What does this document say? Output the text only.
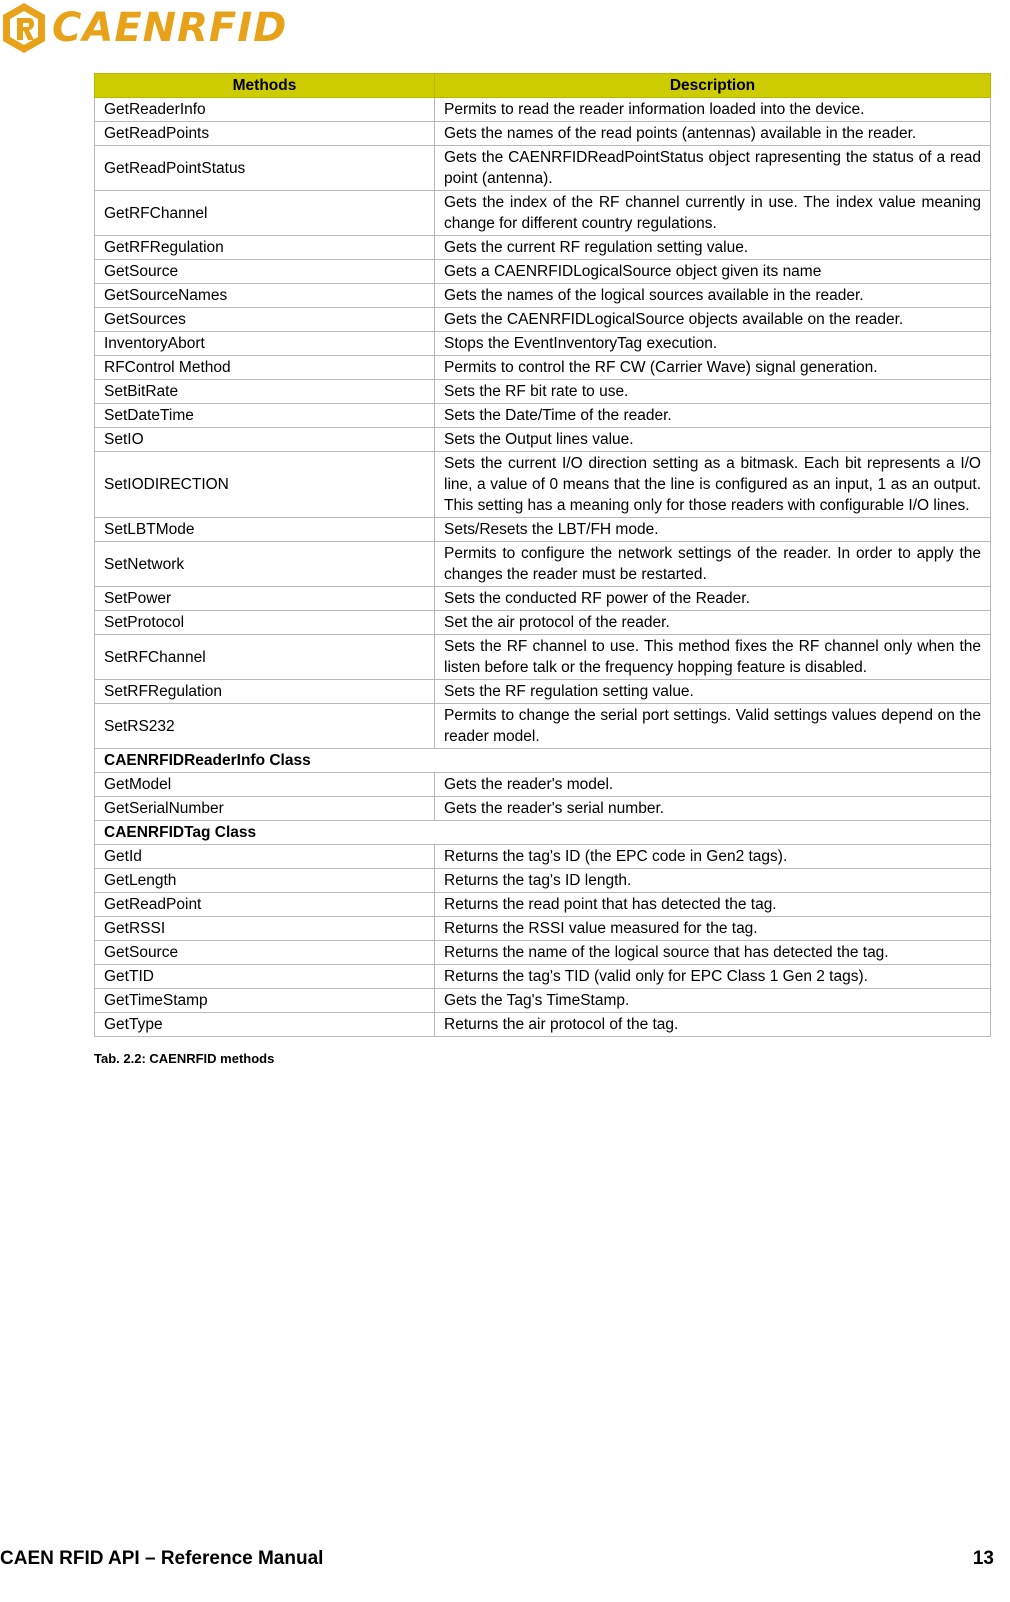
CAENRFID
Methods	Description
GetReaderInfo	Permits to read the reader information loaded into the device.
GetReadPoints	Gets the names of the read points (antennas) available in the reader.
GetReadPointStatus	Gets the CAENRFIDReadPointStatus object rapresenting the status of a read point (antenna).
GetRFChannel	Gets the index of the RF channel currently in use. The index value meaning change for different country regulations.
GetRFRegulation	Gets the current RF regulation setting value.
GetSource	Gets a CAENRFIDLogicalSource object given its name
GetSourceNames	Gets the names of the logical sources available in the reader.
GetSources	Gets the CAENRFIDLogicalSource objects available on the reader.
InventoryAbort	Stops the EventInventoryTag execution.
RFControl Method	Permits to control the RF CW (Carrier Wave) signal generation.
SetBitRate	Sets the RF bit rate to use.
SetDateTime	Sets the Date/Time of the reader.
SetIO	Sets the Output lines value.
SetIODIRECTION	Sets the current I/O direction setting as a bitmask. Each bit represents a I/O line, a value of 0 means that the line is configured as an input, 1 as an output. This setting has a meaning only for those readers with configurable I/O lines.
SetLBTMode	Sets/Resets the LBT/FH mode.
SetNetwork	Permits to configure the network settings of the reader. In order to apply the changes the reader must be restarted.
SetPower	Sets the conducted RF power of the Reader.
SetProtocol	Set the air protocol of the reader.
SetRFChannel	Sets the RF channel to use. This method fixes the RF channel only when the listen before talk or the frequency hopping feature is disabled.
SetRFRegulation	Sets the RF regulation setting value.
SetRS232	Permits to change the serial port settings. Valid settings values depend on the reader model.
CAENRFIDReaderInfo Class	
GetModel	Gets the reader's model.
GetSerialNumber	Gets the reader's serial number.
CAENRFIDTag Class	
GetId	Returns the tag's ID (the EPC code in Gen2 tags).
GetLength	Returns the tag's ID length.
GetReadPoint	Returns the read point that has detected the tag.
GetRSSI	Returns the RSSI value measured for the tag.
GetSource	Returns the name of the logical source that has detected the tag.
GetTID	Returns the tag's TID (valid only for EPC Class 1 Gen 2 tags).
GetTimeStamp	Gets the Tag's TimeStamp.
GetType	Returns the air protocol of the tag.
Tab. 2.2: CAENRFID methods
CAEN RFID API – Reference Manual	13
